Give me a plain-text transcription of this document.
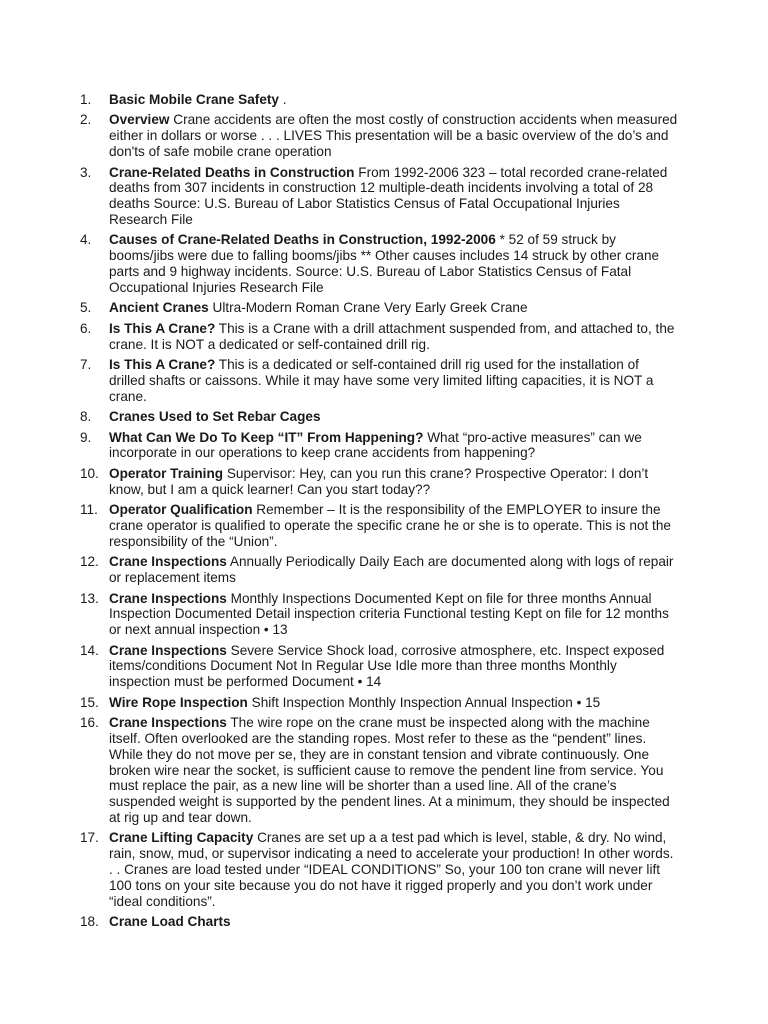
1.	Basic Mobile Crane Safety .
2.	Overview Crane accidents are often the most costly of construction accidents when measured either in dollars or worse . . . LIVES This presentation will be a basic overview of the do’s and don'ts of safe mobile crane operation
3.	Crane-Related Deaths in Construction From 1992-2006 323 – total recorded crane-related deaths from 307 incidents in construction 12 multiple-death incidents involving a total of 28 deaths Source: U.S. Bureau of Labor Statistics Census of Fatal Occupational Injuries Research File
4.	Causes of Crane-Related Deaths in Construction, 1992-2006 * 52 of 59 struck by booms/jibs were due to falling booms/jibs ** Other causes includes 14 struck by other crane parts and 9 highway incidents. Source: U.S. Bureau of Labor Statistics Census of Fatal Occupational Injuries Research File
5.	Ancient Cranes Ultra-Modern Roman Crane Very Early Greek Crane
6.	Is This A Crane? This is a Crane with a drill attachment suspended from, and attached to, the crane. It is NOT a dedicated or self-contained drill rig.
7.	Is This A Crane? This is a dedicated or self-contained drill rig used for the installation of drilled shafts or caissons. While it may have some very limited lifting capacities, it is NOT a crane.
8.	Cranes Used to Set Rebar Cages
9.	What Can We Do To Keep “IT” From Happening? What “pro-active measures” can we incorporate in our operations to keep crane accidents from happening?
10. Operator Training Supervisor: Hey, can you run this crane? Prospective Operator: I don’t know, but I am a quick learner! Can you start today??
11. Operator Qualification Remember – It is the responsibility of the EMPLOYER to insure the crane operator is qualified to operate the specific crane he or she is to operate. This is not the responsibility of the “Union”.
12. Crane Inspections Annually Periodically Daily Each are documented along with logs of repair or replacement items
13. Crane Inspections Monthly Inspections Documented Kept on file for three months Annual Inspection Documented Detail inspection criteria Functional testing Kept on file for 12 months or next annual inspection • 13
14. Crane Inspections Severe Service Shock load, corrosive atmosphere, etc. Inspect exposed items/conditions Document Not In Regular Use Idle more than three months Monthly inspection must be performed Document • 14
15. Wire Rope Inspection Shift Inspection Monthly Inspection Annual Inspection • 15
16. Crane Inspections The wire rope on the crane must be inspected along with the machine itself. Often overlooked are the standing ropes. Most refer to these as the “pendent” lines. While they do not move per se, they are in constant tension and vibrate continuously. One broken wire near the socket, is sufficient cause to remove the pendent line from service. You must replace the pair, as a new line will be shorter than a used line. All of the crane’s suspended weight is supported by the pendent lines. At a minimum, they should be inspected at rig up and tear down.
17. Crane Lifting Capacity Cranes are set up a a test pad which is level, stable, & dry. No wind, rain, snow, mud, or supervisor indicating a need to accelerate your production! In other words. . . Cranes are load tested under “IDEAL CONDITIONS” So, your 100 ton crane will never lift 100 tons on your site because you do not have it rigged properly and you don’t work under “ideal conditions”.
18. Crane Load Charts
